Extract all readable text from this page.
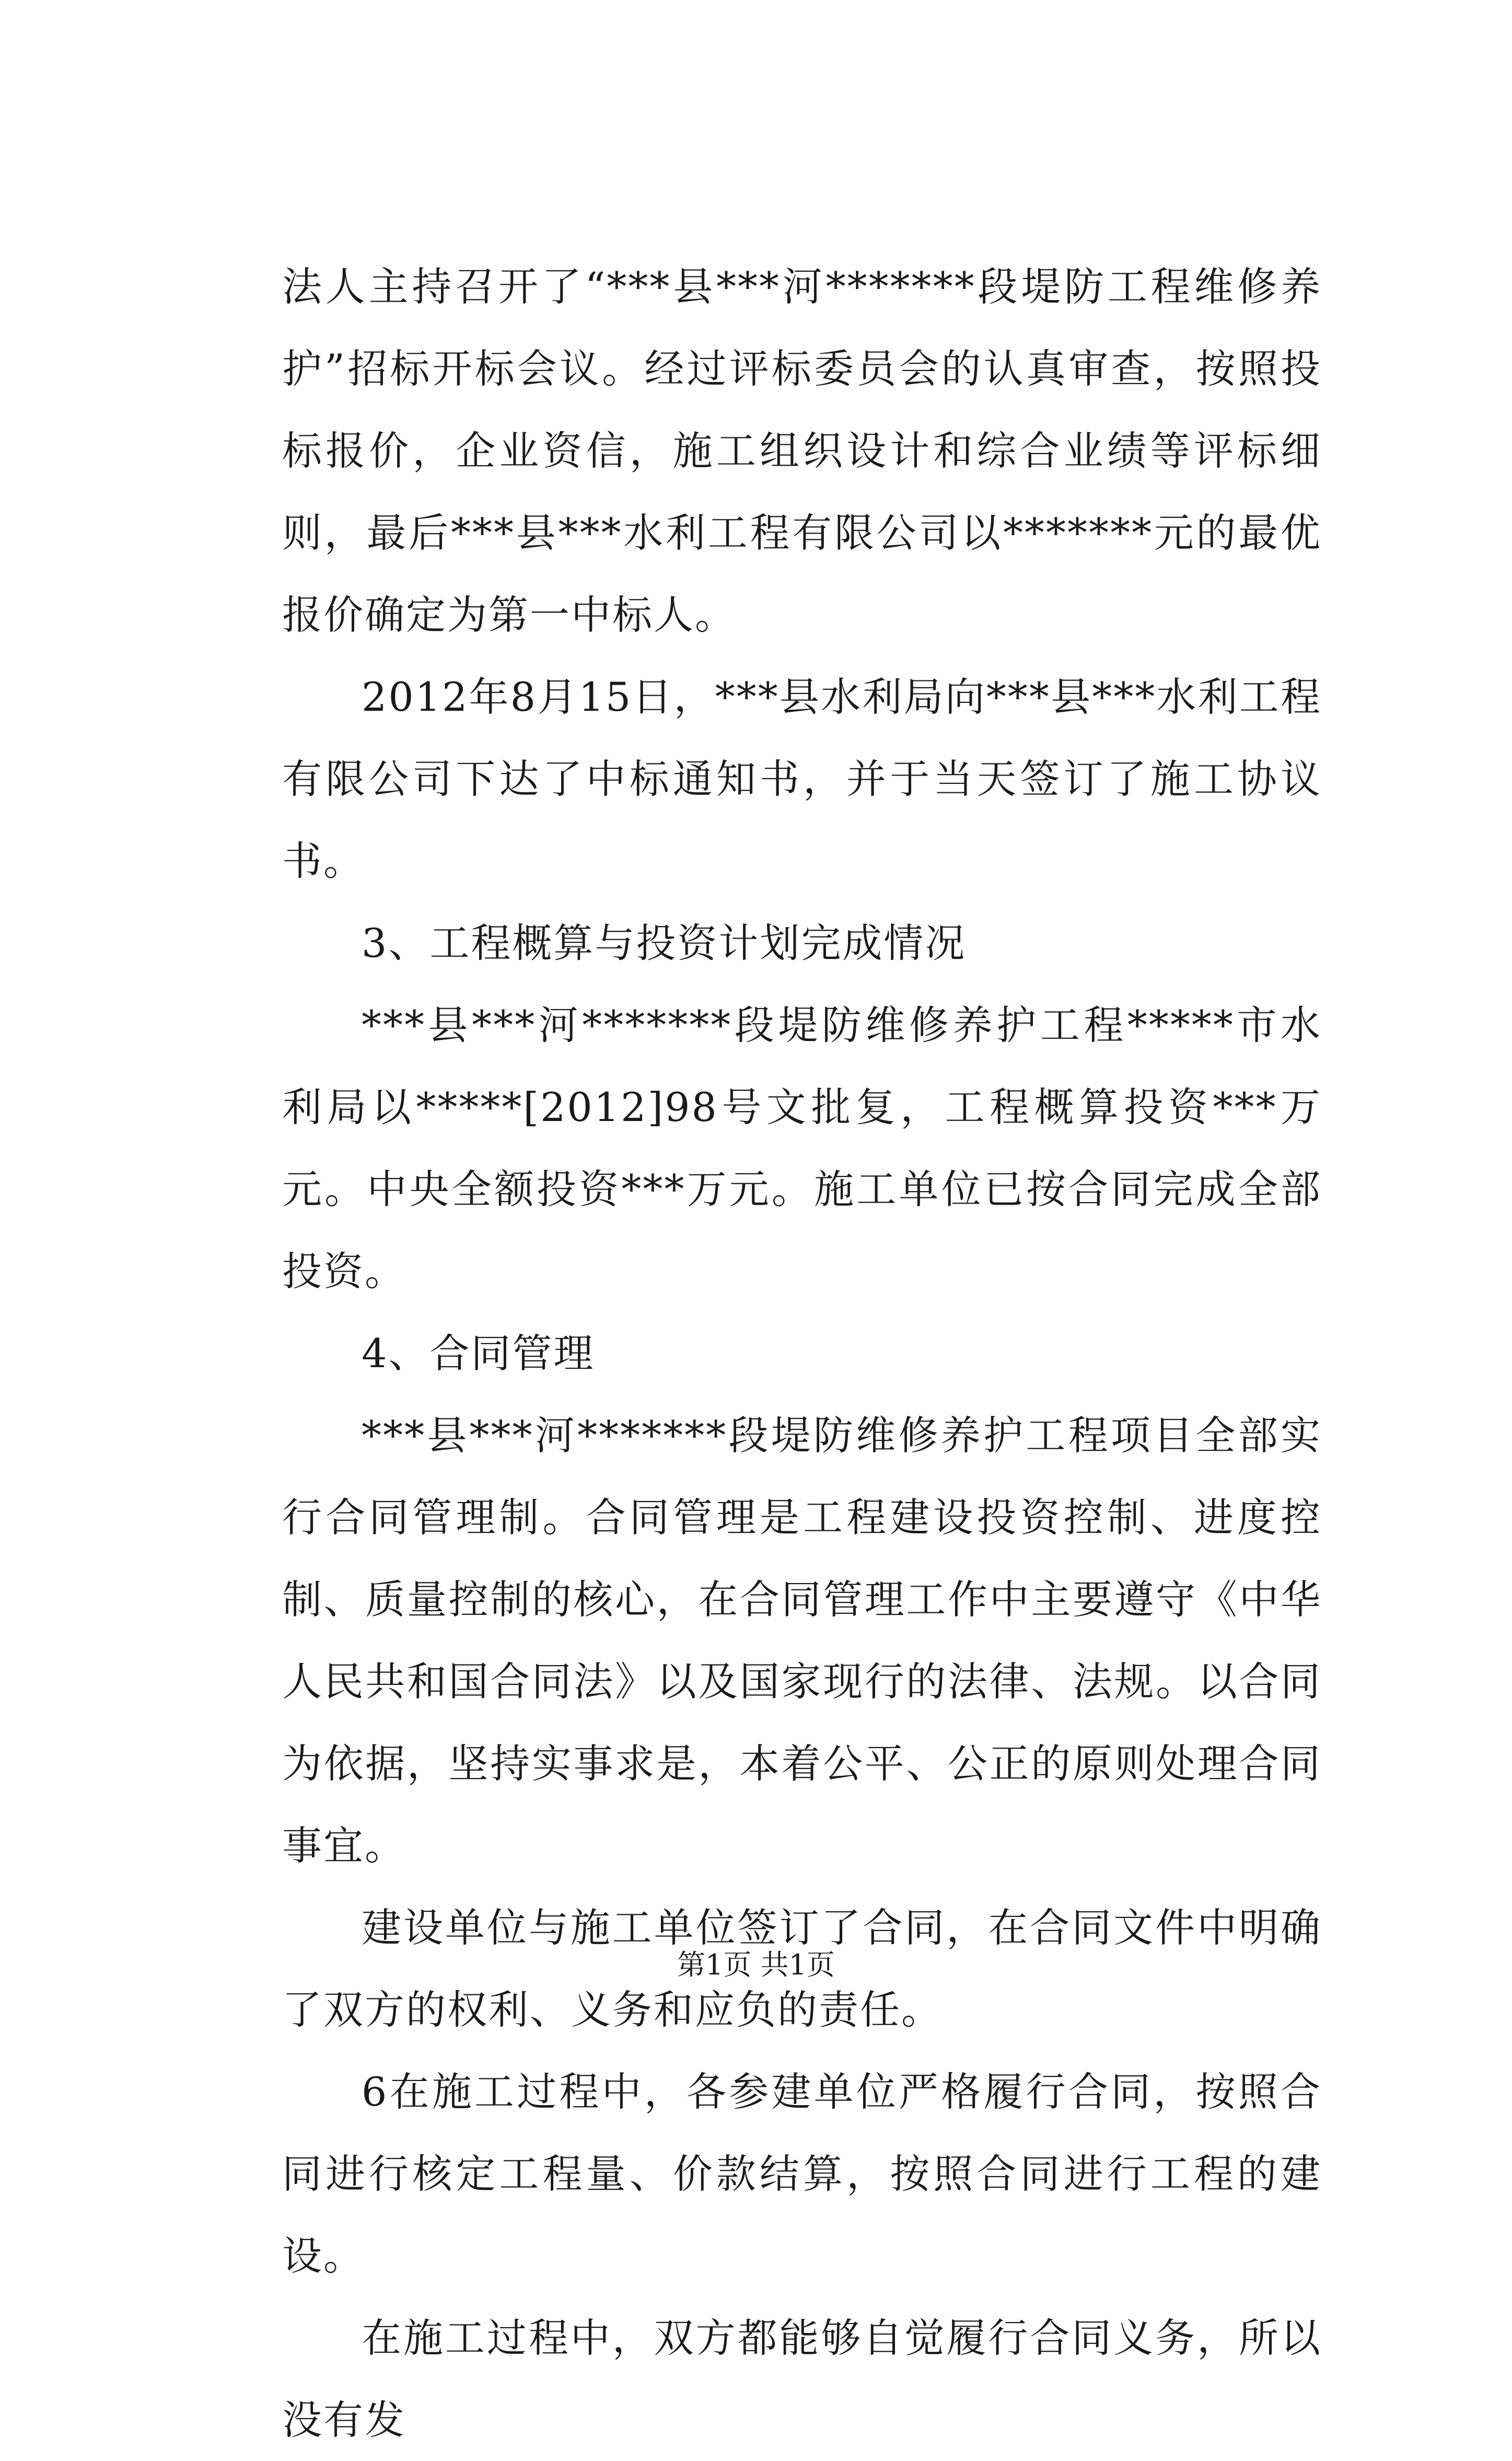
法人主持召开了“***县***河*******段堤防工程维修养护”招标开标会议。经过评标委员会的认真审查，按照投标报价，企业资信，施工组织设计和综合业绩等评标细则，最后***县***水利工程有限公司以*******元的最优报价确定为第一中标人。

2012年8月15日，***县水利局向***县***水利工程有限公司下达了中标通知书，并于当天签订了施工协议书。

3、工程概算与投资计划完成情况

***县***河*******段堤防维修养护工程*****市水利局以*****[2012]98号文批复，工程概算投资***万元。中央全额投资***万元。施工单位已按合同完成全部投资。

4、合同管理

***县***河*******段堤防维修养护工程项目全部实行合同管理制。合同管理是工程建设投资控制、进度控制、质量控制的核心，在合同管理工作中主要遵守《中华人民共和国合同法》以及国家现行的法律、法规。以合同为依据，坚持实事求是，本着公平、公正的原则处理合同事宜。

建设单位与施工单位签订了合同，在合同文件中明确了双方的权利、义务和应负的责任。

6在施工过程中，各参建单位严格履行合同，按照合同进行核定工程量、价款结算，按照合同进行工程的建设。

在施工过程中，双方都能够自觉履行合同义务，所以没有发

第1页 共1页
